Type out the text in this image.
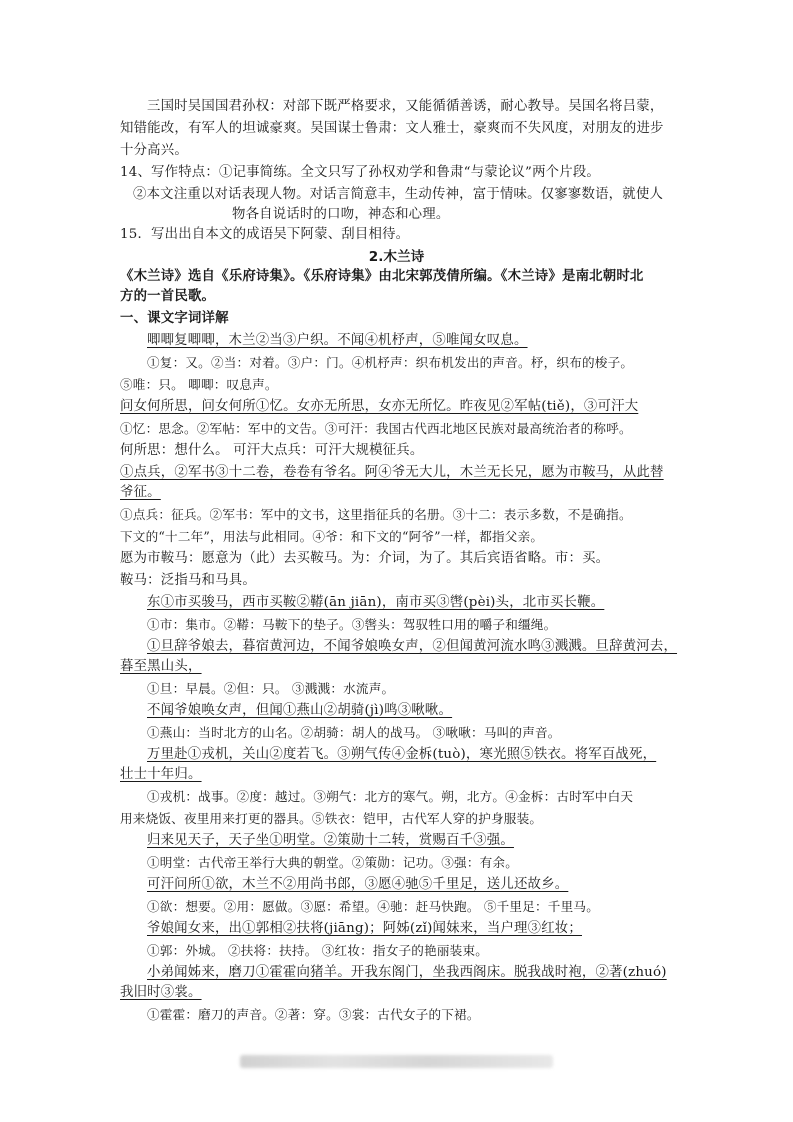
三国时吴国国君孙权：对部下既严格要求，又能循循善诱，耐心教导。吴国名将吕蒙，
知错能改，有军人的坦诚豪爽。吴国谋士鲁肃：文人雅士，豪爽而不失风度，对朋友的进步
十分高兴。
14、写作特点：①记事简练。全文只写了孙权劝学和鲁肃“与蒙论议”两个片段。
②本文注重以对话表现人物。对话言简意丰，生动传神，富于情味。仅寥寥数语，就使人
物各自说话时的口吻，神态和心理。
15．写出出自本文的成语吴下阿蒙、刮目相待。
2.木兰诗
《木兰诗》选自《乐府诗集》。《乐府诗集》由北宋郭茂倩所编。《木兰诗》是南北朝时北
方的一首民歌。
一、课文字词详解
唧唧复唧唧，木兰②当③户织。不闻④机杼声，⑤唯闻女叹息。
①复：又。②当：对着。③户：门。④机杼声：织布机发出的声音。杼，织布的梭子。
⑤唯：只。 唧唧：叹息声。
问女何所思，问女何所①忆。女亦无所思，女亦无所忆。昨夜见②军帖(tiě)，③可汗大
①忆：思念。②军帖：军中的文告。③可汗：我国古代西北地区民族对最高统治者的称呼。
何所思：想什么。 可汗大点兵：可汗大规模征兵。
①点兵，②军书③十二卷，卷卷有爷名。阿④爷无大儿，木兰无长兄，愿为市鞍马，从此替
爷征。
①点兵：征兵。②军书：军中的文书，这里指征兵的名册。③十二：表示多数，不是确指。
下文的“十二年”，用法与此相同。④爷：和下文的“阿爷”一样，都指父亲。
愿为市鞍马：愿意为（此）去买鞍马。为：介词，为了。其后宾语省略。市：买。
鞍马：泛指马和马具。
东①市买骏马，西市买鞍②鞯(ān jiān)，南市买③辔(pèi)头，北市买长鞭。
①市：集市。②鞯：马鞍下的垫子。③辔头：驾驭牲口用的嚼子和缰绳。
①旦辞爷娘去，暮宿黄河边，不闻爷娘唤女声，②但闻黄河流水鸣③溅溅。旦辞黄河去，
暮至黑山头，
①旦：早晨。②但：只。 ③溅溅：水流声。
不闻爷娘唤女声，但闻①燕山②胡骑(jì)鸣③啾啾。
①燕山：当时北方的山名。②胡骑：胡人的战马。 ③啾啾：马叫的声音。
万里赴①戎机，关山②度若飞。③朔气传④金柝(tuò)，寒光照⑤铁衣。将军百战死，
壮士十年归。
①戎机：战事。②度：越过。③朔气：北方的寒气。朔，北方。④金柝：古时军中白天
用来烧饭、夜里用来打更的器具。⑤铁衣：铠甲，古代军人穿的护身服装。
归来见天子，天子坐①明堂。②策勋十二转，赏赐百千③强。
①明堂：古代帝王举行大典的朝堂。②策勋：记功。③强：有余。
可汗问所①欲，木兰不②用尚书郎，③愿④驰⑤千里足，送儿还故乡。
①欲：想要。②用：愿做。③愿：希望。④驰：赶马快跑。 ⑤千里足：千里马。
爷娘闻女来，出①郭相②扶将(jiāng)；阿姊(zǐ)闻妹来，当户理③红妆；
①郭：外城。 ②扶将：扶持。 ③红妆：指女子的艳丽装束。
小弟闻姊来，磨刀①霍霍向猪羊。开我东阁门，坐我西阁床。脱我战时袍，②著(zhuó)
我旧时③裳。
①霍霍：磨刀的声音。②著：穿。③裳：古代女子的下裙。
